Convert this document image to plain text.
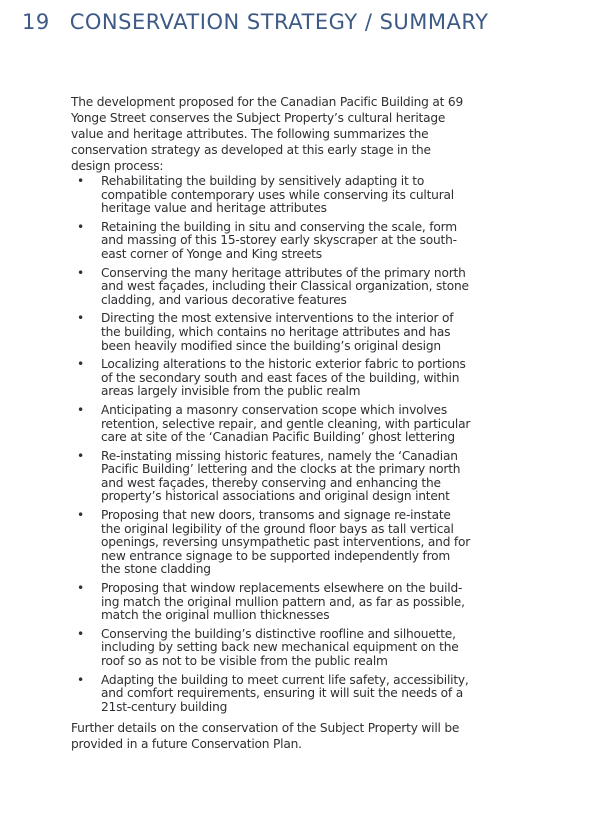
19 CONSERVATION STRATEGY / SUMMARY

The development proposed for the Canadian Pacific Building at 69 Yonge Street conserves the Subject Property’s cultural heritage value and heritage attributes. The following summarizes the conservation strategy as developed at this early stage in the design process:

• Rehabilitating the building by sensitively adapting it to compatible contemporary uses while conserving its cultural heritage value and heritage attributes
• Retaining the building in situ and conserving the scale, form and massing of this 15-storey early skyscraper at the south-east corner of Yonge and King streets
• Conserving the many heritage attributes of the primary north and west façades, including their Classical organization, stone cladding, and various decorative features
• Directing the most extensive interventions to the interior of the building, which contains no heritage attributes and has been heavily modified since the building’s original design
• Localizing alterations to the historic exterior fabric to portions of the secondary south and east faces of the building, within areas largely invisible from the public realm
• Anticipating a masonry conservation scope which involves retention, selective repair, and gentle cleaning, with particular care at site of the ‘Canadian Pacific Building’ ghost lettering
• Re-instating missing historic features, namely the ‘Canadian Pacific Building’ lettering and the clocks at the primary north and west façades, thereby conserving and enhancing the property’s historical associations and original design intent
• Proposing that new doors, transoms and signage re-instate the original legibility of the ground floor bays as tall vertical openings, reversing unsympathetic past interventions, and for new entrance signage to be supported independently from the stone cladding
• Proposing that window replacements elsewhere on the build-ing match the original mullion pattern and, as far as possible, match the original mullion thicknesses
• Conserving the building’s distinctive roofline and silhouette, including by setting back new mechanical equipment on the roof so as not to be visible from the public realm
• Adapting the building to meet current life safety, accessibility, and comfort requirements, ensuring it will suit the needs of a 21st-century building

Further details on the conservation of the Subject Property will be provided in a future Conservation Plan.
